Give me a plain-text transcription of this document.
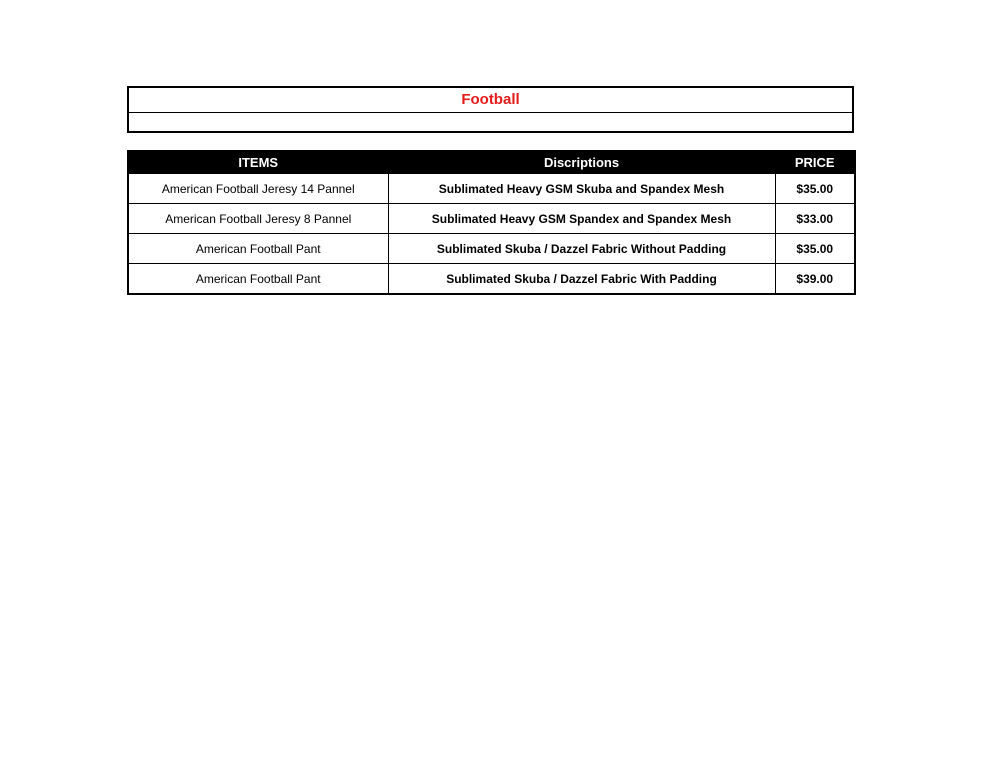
Football
ITEMS	Discriptions	PRICE
American Football Jeresy 14 Pannel	Sublimated Heavy GSM Skuba and Spandex Mesh	$35.00
American Football Jeresy 8 Pannel	Sublimated Heavy GSM Spandex and Spandex Mesh	$33.00
American Football Pant	Sublimated Skuba / Dazzel Fabric Without Padding	$35.00
American Football Pant	Sublimated Skuba / Dazzel Fabric With Padding	$39.00
